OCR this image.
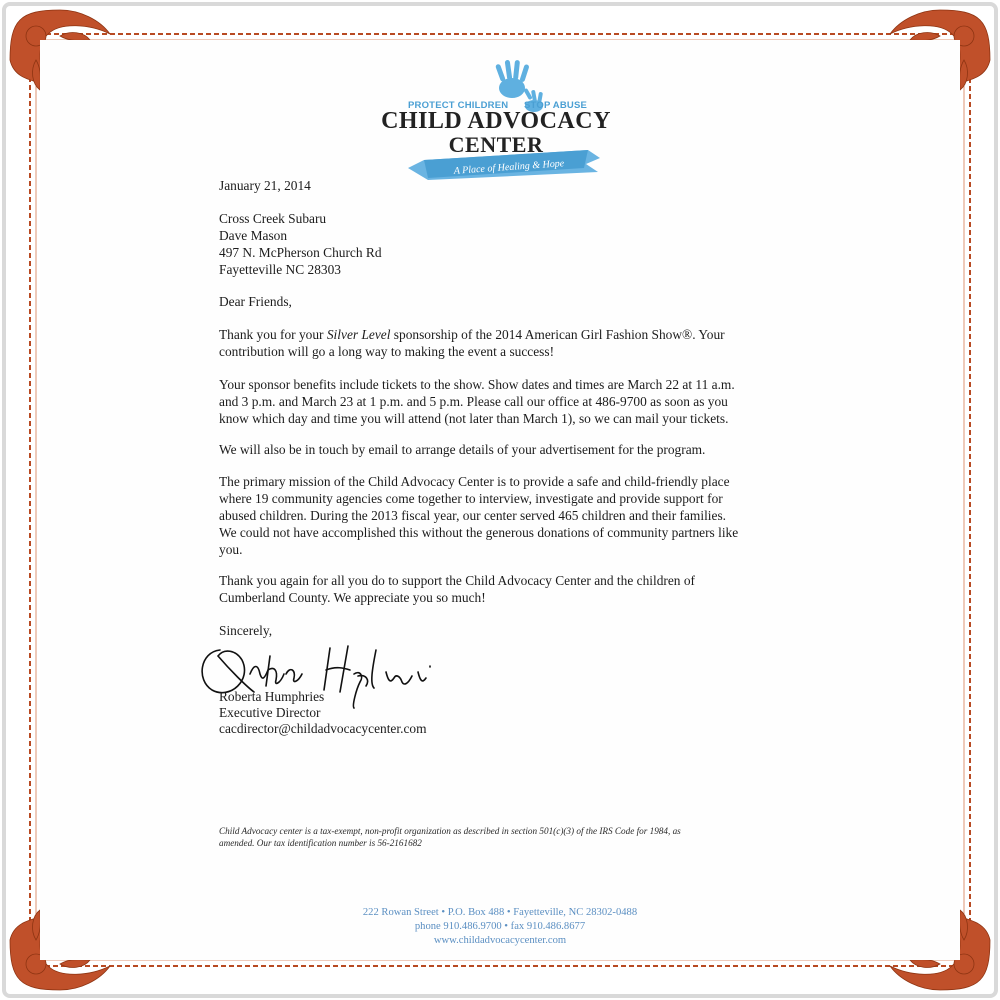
PROTECT CHILDREN STOP ABUSE
CHILD ADVOCACY
CENTER
A Place of Healing & Hope
January 21, 2014
Cross Creek Subaru
Dave Mason
497 N. McPherson Church Rd
Fayetteville NC 28303
Dear Friends,
Thank you for your Silver Level sponsorship of the 2014 American Girl Fashion Show®. Your
contribution will go a long way to making the event a success!
Your sponsor benefits include tickets to the show. Show dates and times are March 22 at 11 a.m.
and 3 p.m. and March 23 at 1 p.m. and 5 p.m. Please call our office at 486-9700 as soon as you
know which day and time you will attend (not later than March 1), so we can mail your tickets.
We will also be in touch by email to arrange details of your advertisement for the program.
The primary mission of the Child Advocacy Center is to provide a safe and child-friendly place
where 19 community agencies come together to interview, investigate and provide support for
abused children. During the 2013 fiscal year, our center served 465 children and their families.
We could not have accomplished this without the generous donations of community partners like
you.
Thank you again for all you do to support the Child Advocacy Center and the children of
Cumberland County. We appreciate you so much!
Sincerely,
Roberta Humphries
Executive Director
cacdirector@childadvocacycenter.com
Child Advocacy center is a tax-exempt, non-profit organization as described in section 501(c)(3) of the IRS Code for 1984, as
amended. Our tax identification number is 56-2161682
222 Rowan Street • P.O. Box 488 • Fayetteville, NC 28302-0488
phone 910.486.9700 • fax 910.486.8677
www.childadvocacycenter.com
